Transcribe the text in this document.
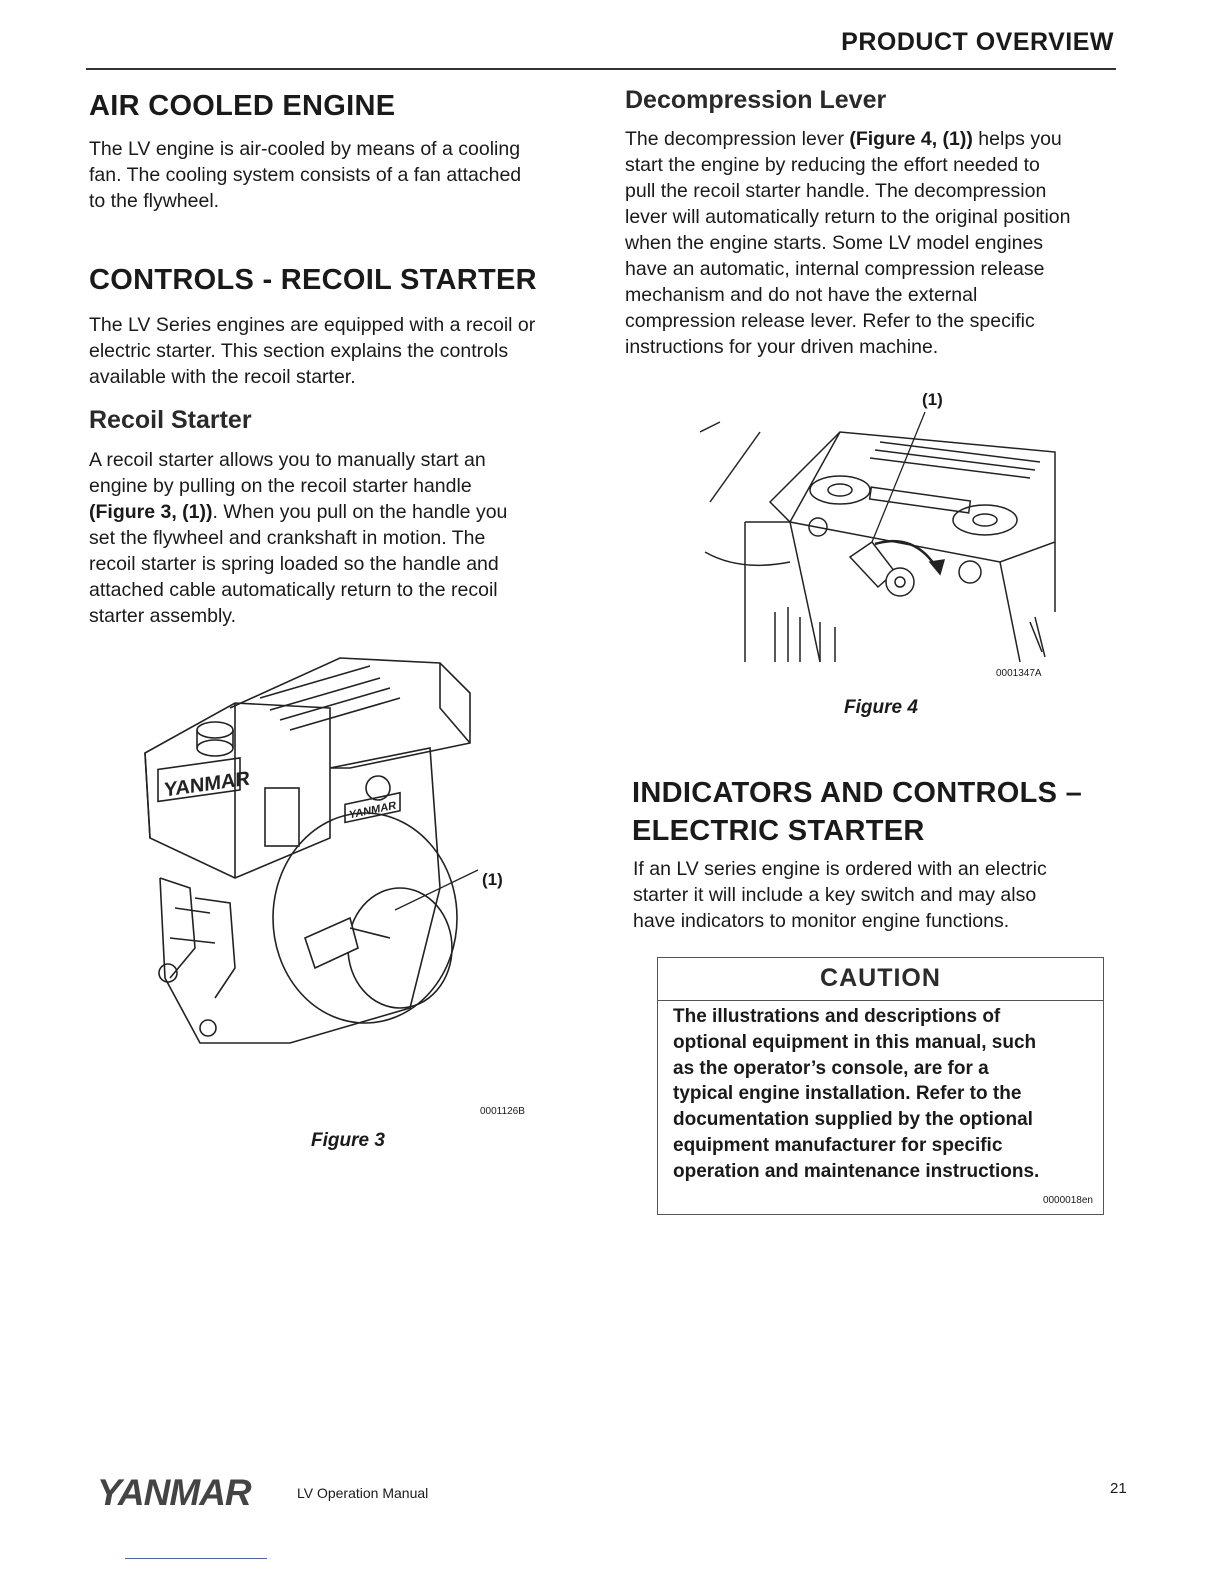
PRODUCT OVERVIEW
AIR COOLED ENGINE

The LV engine is air-cooled by means of a cooling

fan. The cooling system consists of a fan attached

to the flywheel.

CONTROLS - RECOIL STARTER

The LV Series engines are equipped with a recoil or

electric starter. This section explains the controls

available with the recoil starter.

Recoil Starter

A recoil starter allows you to manually start an

engine by pulling on the recoil starter handle

(Figure 3, (1)). When you pull on the handle you

set the flywheel and crankshaft in motion. The

recoil starter is spring loaded so the handle and

attached cable automatically return to the recoil

starter assembly.

YANMAR
YANMAR
(1)
0001126B
Figure 3
Decompression Lever

The decompression lever (Figure 4, (1)) helps you

start the engine by reducing the effort needed to

pull the recoil starter handle. The decompression

lever will automatically return to the original position

when the engine starts. Some LV model engines

have an automatic, internal compression release

mechanism and do not have the external

compression release lever. Refer to the specific

instructions for your driven machine.

(1)
0001347A
Figure 4
INDICATORS AND CONTROLS –
ELECTRIC STARTER

If an LV series engine is ordered with an electric

starter it will include a key switch and may also

have indicators to monitor engine functions.

CAUTION
The illustrations and descriptions of
optional equipment in this manual, such
as the operator’s console, are for a
typical engine installation. Refer to the
documentation supplied by the optional
equipment manufacturer for specific
operation and maintenance instructions.
0000018en
YANMAR	LV Operation Manual	21
